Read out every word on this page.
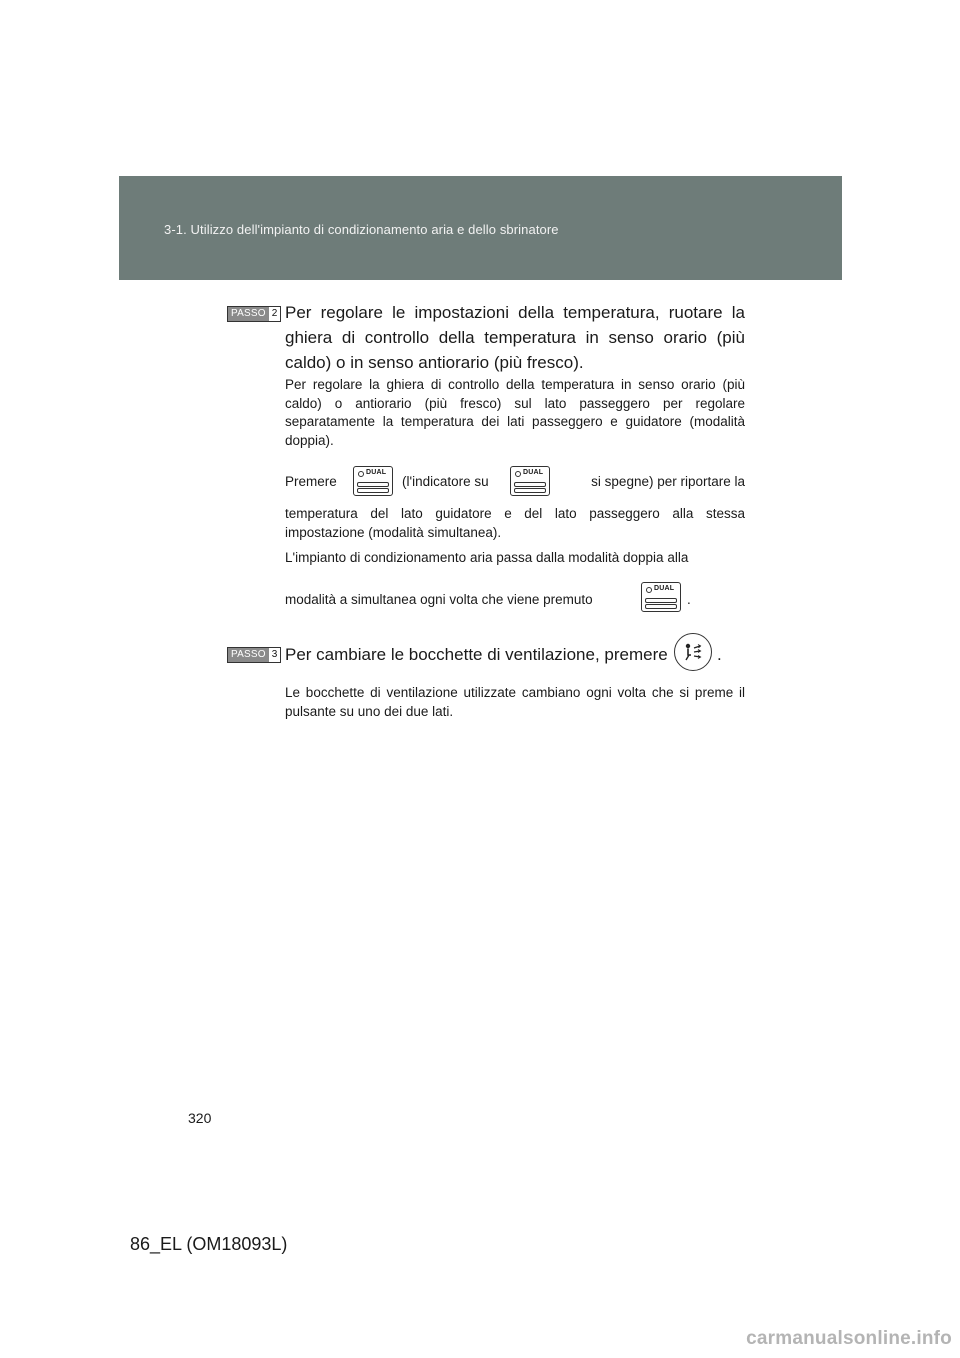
3-1. Utilizzo dell'impianto di condizionamento aria e dello sbrinatore
PASSO 2 Per regolare le impostazioni della temperatura, ruotare la ghiera di controllo della temperatura in senso orario (più caldo) o in senso antiorario (più fresco).
Per regolare la ghiera di controllo della temperatura in senso orario (più caldo) o antiorario (più fresco) sul lato passeggero per regolare separatamente la temperatura dei lati passeggero e guidatore (modalità doppia).
Premere	(l'indicatore su	si spegne) per riportare la
DUAL	DUAL
temperatura del lato guidatore e del lato passeggero alla stessa impostazione (modalità simultanea).
L'impianto di condizionamento aria passa dalla modalità doppia alla
modalità a simultanea ogni volta che viene premuto	.
DUAL
PASSO 3 Per cambiare le bocchette di ventilazione, premere	.
Le bocchette di ventilazione utilizzate cambiano ogni volta che si preme il pulsante su uno dei due lati.
320
86_EL (OM18093L)
carmanualsonline.info
